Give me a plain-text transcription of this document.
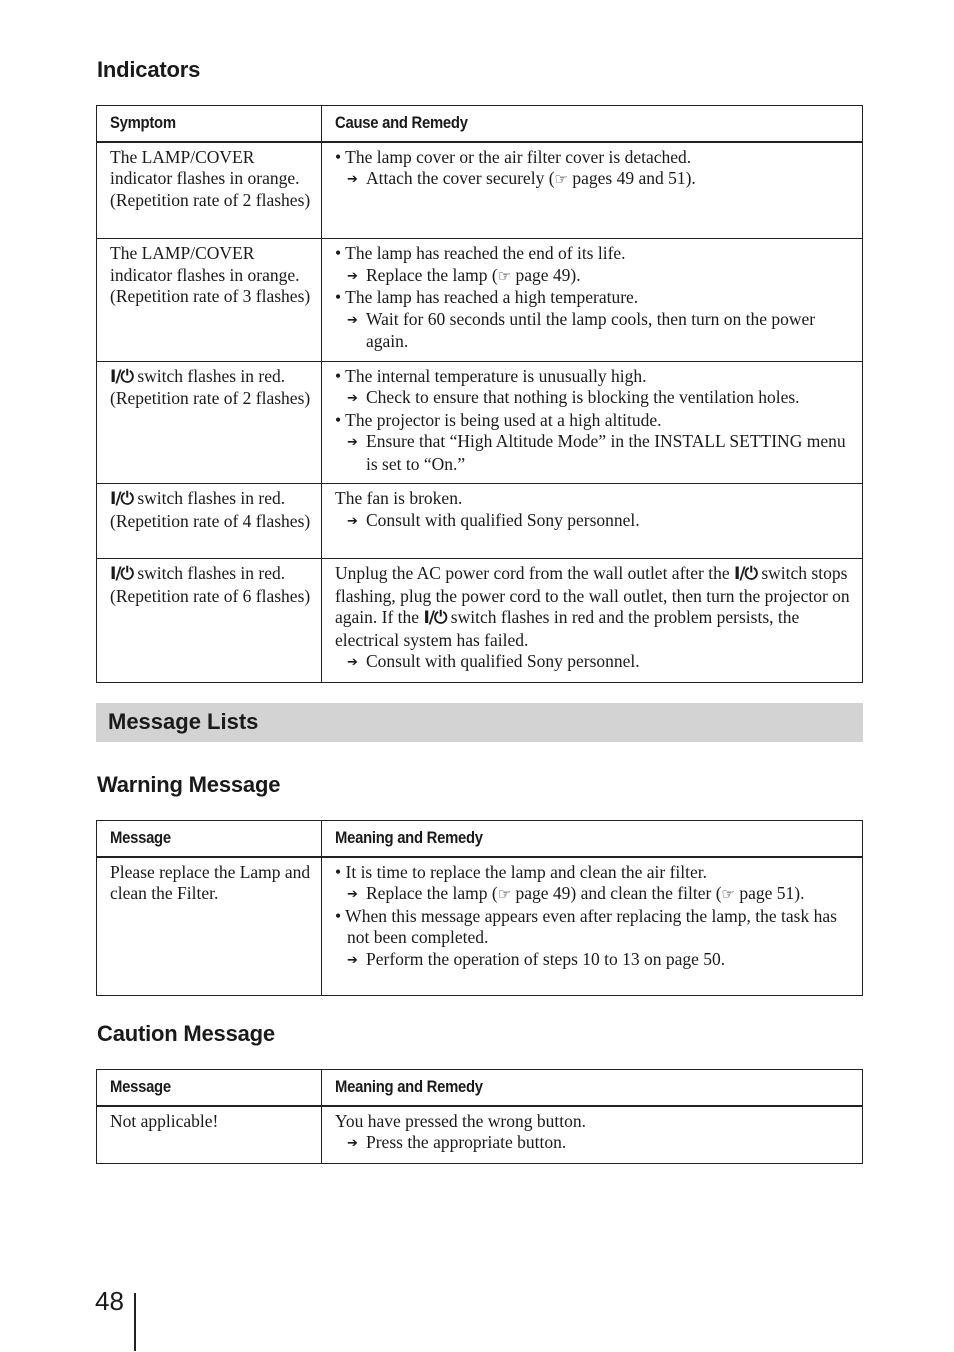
Indicators
Symptom	Cause and Remedy
The LAMP/COVER indicator flashes in orange. (Repetition rate of 2 flashes)	• The lamp cover or the air filter cover is detached.
➔ Attach the cover securely (☞ pages 49 and 51).

The LAMP/COVER indicator flashes in orange. (Repetition rate of 3 flashes)	• The lamp has reached the end of its life.
➔ Replace the lamp (☞ page 49).
• The lamp has reached a high temperature.
➔ Wait for 60 seconds until the lamp cools, then turn on the power again.

I/⏻ switch flashes in red. (Repetition rate of 2 flashes)	• The internal temperature is unusually high.
➔ Check to ensure that nothing is blocking the ventilation holes.
• The projector is being used at a high altitude.
➔ Ensure that “High Altitude Mode” in the INSTALL SETTING menu is set to “On.”

I/⏻ switch flashes in red. (Repetition rate of 4 flashes)	The fan is broken.
➔ Consult with qualified Sony personnel.

I/⏻ switch flashes in red. (Repetition rate of 6 flashes)	Unplug the AC power cord from the wall outlet after the I/⏻ switch stops flashing, plug the power cord to the wall outlet, then turn the projector on again. If the I/⏻ switch flashes in red and the problem persists, the electrical system has failed.
➔ Consult with qualified Sony personnel.
Message Lists
Warning Message
Message	Meaning and Remedy
Please replace the Lamp and clean the Filter.	• It is time to replace the lamp and clean the air filter.
➔ Replace the lamp (☞ page 49) and clean the filter (☞ page 51).
• When this message appears even after replacing the lamp, the task has not been completed.
➔ Perform the operation of steps 10 to 13 on page 50.
Caution Message
Message	Meaning and Remedy
Not applicable!	You have pressed the wrong button.
➔ Press the appropriate button.
48
